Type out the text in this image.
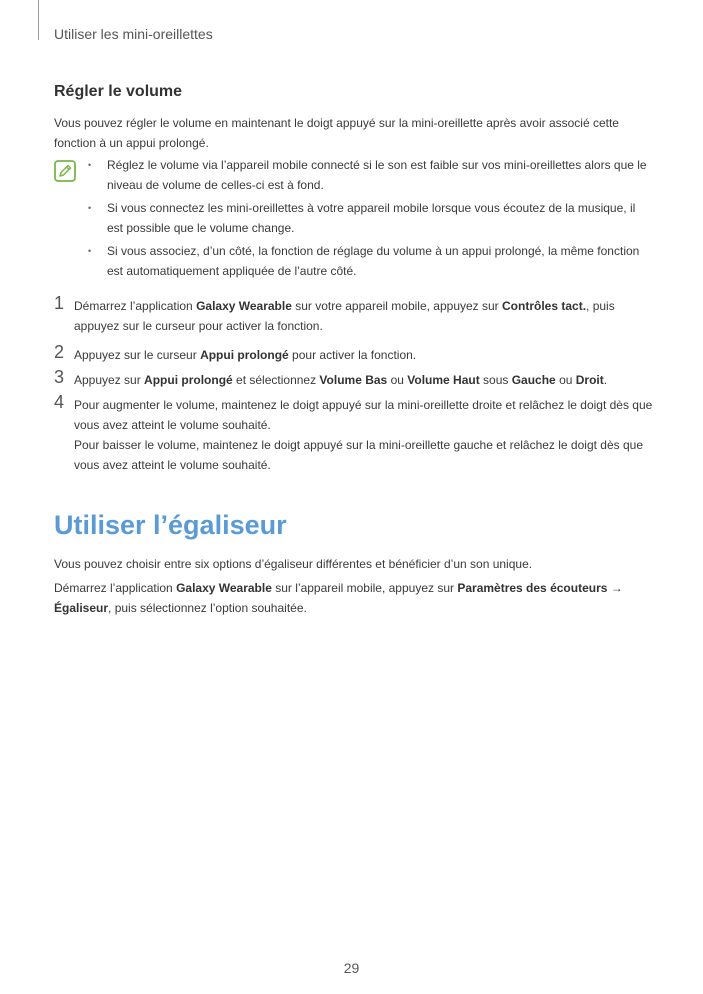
Utiliser les mini-oreillettes
Régler le volume
Vous pouvez régler le volume en maintenant le doigt appuyé sur la mini-oreillette après avoir associé cette fonction à un appui prolongé.
• Réglez le volume via l’appareil mobile connecté si le son est faible sur vos mini-oreillettes alors que le niveau de volume de celles-ci est à fond.
• Si vous connectez les mini-oreillettes à votre appareil mobile lorsque vous écoutez de la musique, il est possible que le volume change.
• Si vous associez, d’un côté, la fonction de réglage du volume à un appui prolongé, la même fonction est automatiquement appliquée de l’autre côté.
1 Démarrez l’application Galaxy Wearable sur votre appareil mobile, appuyez sur Contrôles tact., puis appuyez sur le curseur pour activer la fonction.
2 Appuyez sur le curseur Appui prolongé pour activer la fonction.
3 Appuyez sur Appui prolongé et sélectionnez Volume Bas ou Volume Haut sous Gauche ou Droit.
4 Pour augmenter le volume, maintenez le doigt appuyé sur la mini-oreillette droite et relâchez le doigt dès que vous avez atteint le volume souhaité.

Pour baisser le volume, maintenez le doigt appuyé sur la mini-oreillette gauche et relâchez le doigt dès que vous avez atteint le volume souhaité.

Utiliser l’égaliseur
Vous pouvez choisir entre six options d’égaliseur différentes et bénéficier d’un son unique.
Démarrez l’application Galaxy Wearable sur l’appareil mobile, appuyez sur Paramètres des écouteurs → Égaliseur, puis sélectionnez l’option souhaitée.
29
